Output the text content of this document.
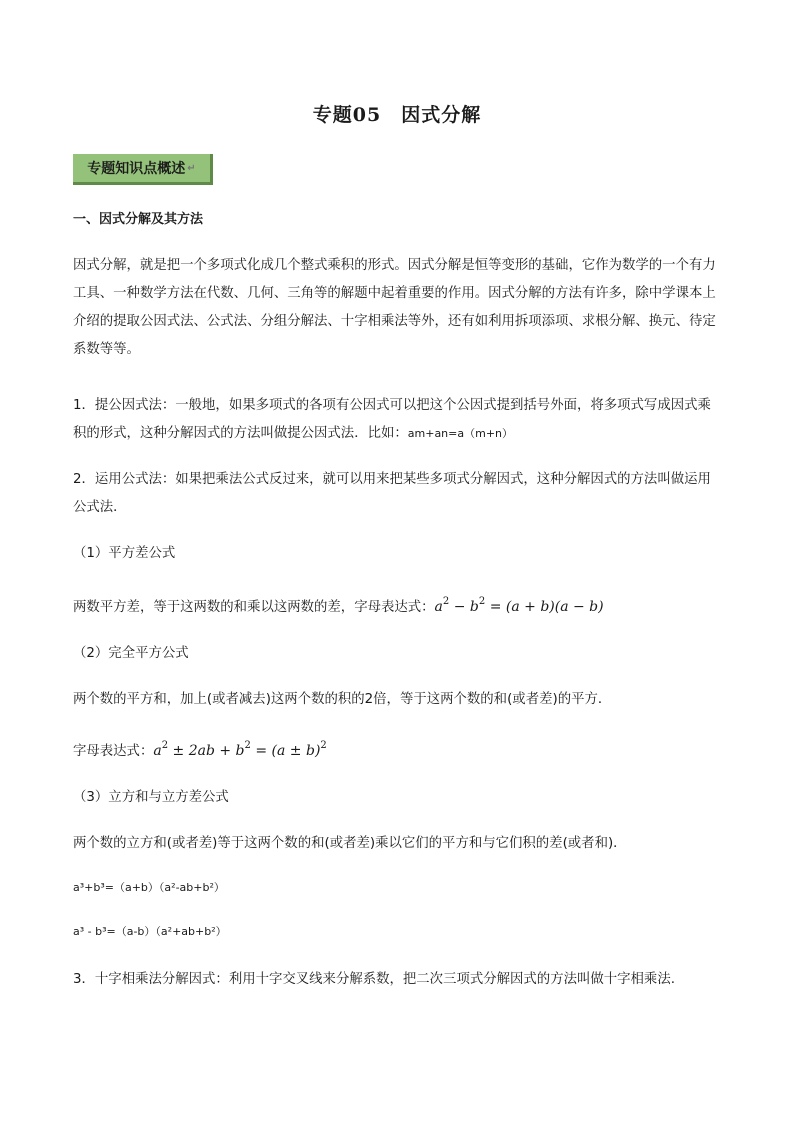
专题05　因式分解
专题知识点概述 ↵
一、因式分解及其方法
因式分解，就是把一个多项式化成几个整式乘积的形式。因式分解是恒等变形的基础，它作为数学的一个有力工具、一种数学方法在代数、几何、三角等的解题中起着重要的作用。因式分解的方法有许多，除中学课本上介绍的提取公因式法、公式法、分组分解法、十字相乘法等外，还有如利用拆项添项、求根分解、换元、待定系数等等。
1．提公因式法：一般地，如果多项式的各项有公因式可以把这个公因式提到括号外面，将多项式写成因式乘积的形式，这种分解因式的方法叫做提公因式法．比如：am+an=a（m+n）
2．运用公式法：如果把乘法公式反过来，就可以用来把某些多项式分解因式，这种分解因式的方法叫做运用公式法．
（1）平方差公式
两数平方差，等于这两数的和乘以这两数的差，字母表达式：$a^2 - b^2 = (a + b)(a - b)$
（2）完全平方公式
两个数的平方和，加上(或者减去)这两个数的积的2倍，等于这两个数的和(或者差)的平方．
字母表达式：$a^2 \pm 2ab + b^2 = (a \pm b)^2$
（3）立方和与立方差公式
两个数的立方和(或者差)等于这两个数的和(或者差)乘以它们的平方和与它们积的差(或者和)．
a³+b³=（a+b）（a²-ab+b²）
a³ - b³=（a-b）（a²+ab+b²）
3．十字相乘法分解因式：利用十字交叉线来分解系数，把二次三项式分解因式的方法叫做十字相乘法.
